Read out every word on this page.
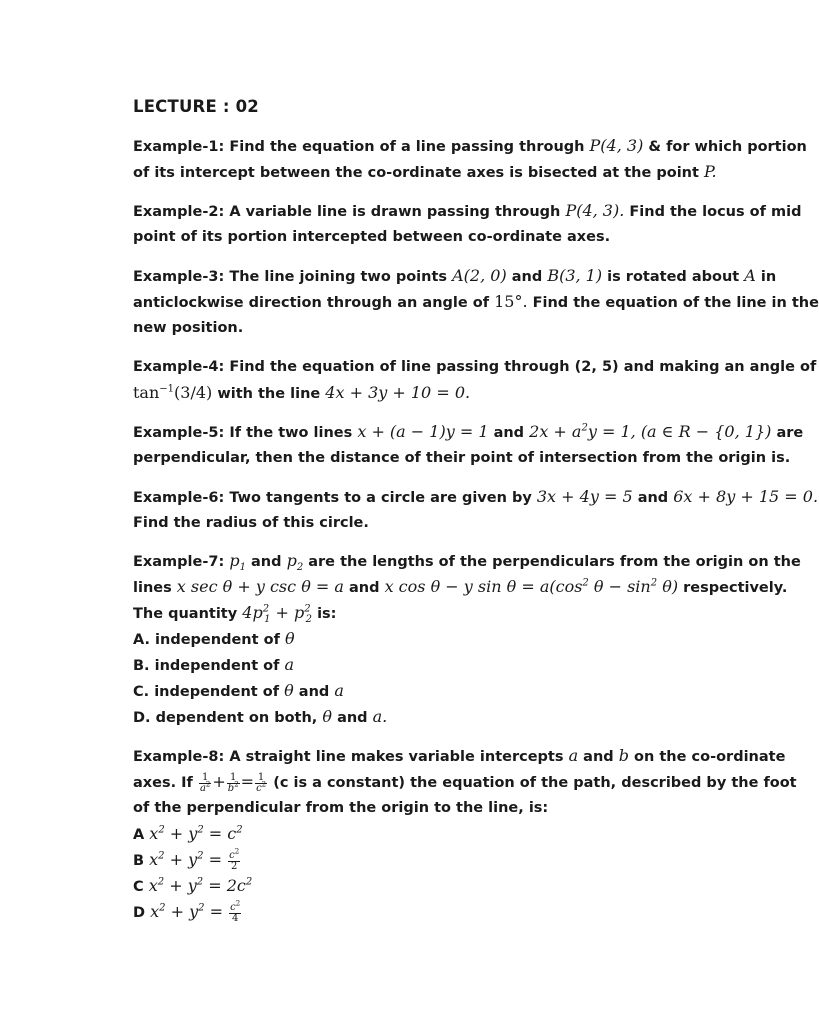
LECTURE : 02
Example-1: Find the equation of a line passing through P(4, 3) & for which portion
of its intercept between the co-ordinate axes is bisected at the point P.
Example-2: A variable line is drawn passing through P(4, 3). Find the locus of mid
point of its portion intercepted between co-ordinate axes.
Example-3: The line joining two points A(2, 0) and B(3, 1) is rotated about A in
anticlockwise direction through an angle of 15°. Find the equation of the line in the
new position.
Example-4: Find the equation of line passing through (2, 5) and making an angle of
$\tan^{-1}(3/4)$ with the line 4x + 3y + 10 = 0.
Example-5: If the two lines x + (a − 1)y = 1 and $2x + a^2y = 1$, (a ∈ R − {0, 1}) are
perpendicular, then the distance of their point of intersection from the origin is.
Example-6: Two tangents to a circle are given by 3x + 4y = 5 and 6x + 8y + 15 = 0.
Find the radius of this circle.
Example-7: $p_1$ and $p_2$ are the lengths of the perpendiculars from the origin on the
lines x sec θ + y csc θ = a and x cos θ − y $\sin \theta = a(\cos^2$ $\theta - \sin^2 \theta$) respectively.
The quantity $4p^2_1 + p^2_2$ is:
A. independent of θ
B. independent of a
C. independent of θ and a
D. dependent on both, θ and a.
Example-8: A straight line makes variable intercepts a and b on the co-ordinate
axes. If $\frac{1}{a^2} + \frac{1}{b^2} = \frac{1}{c^2} (c$ is a constant) the equation of the path, described by the foot
of the perpendicular from the origin to the line, is:
A $x^2 + y^2 = c^2$
B $x^2 + y^2 = \frac{c^2}{2}$
C $x^2 + y^2 = 2c^2$
D $x^2 + y^2 = \frac{c^2}{4}$
